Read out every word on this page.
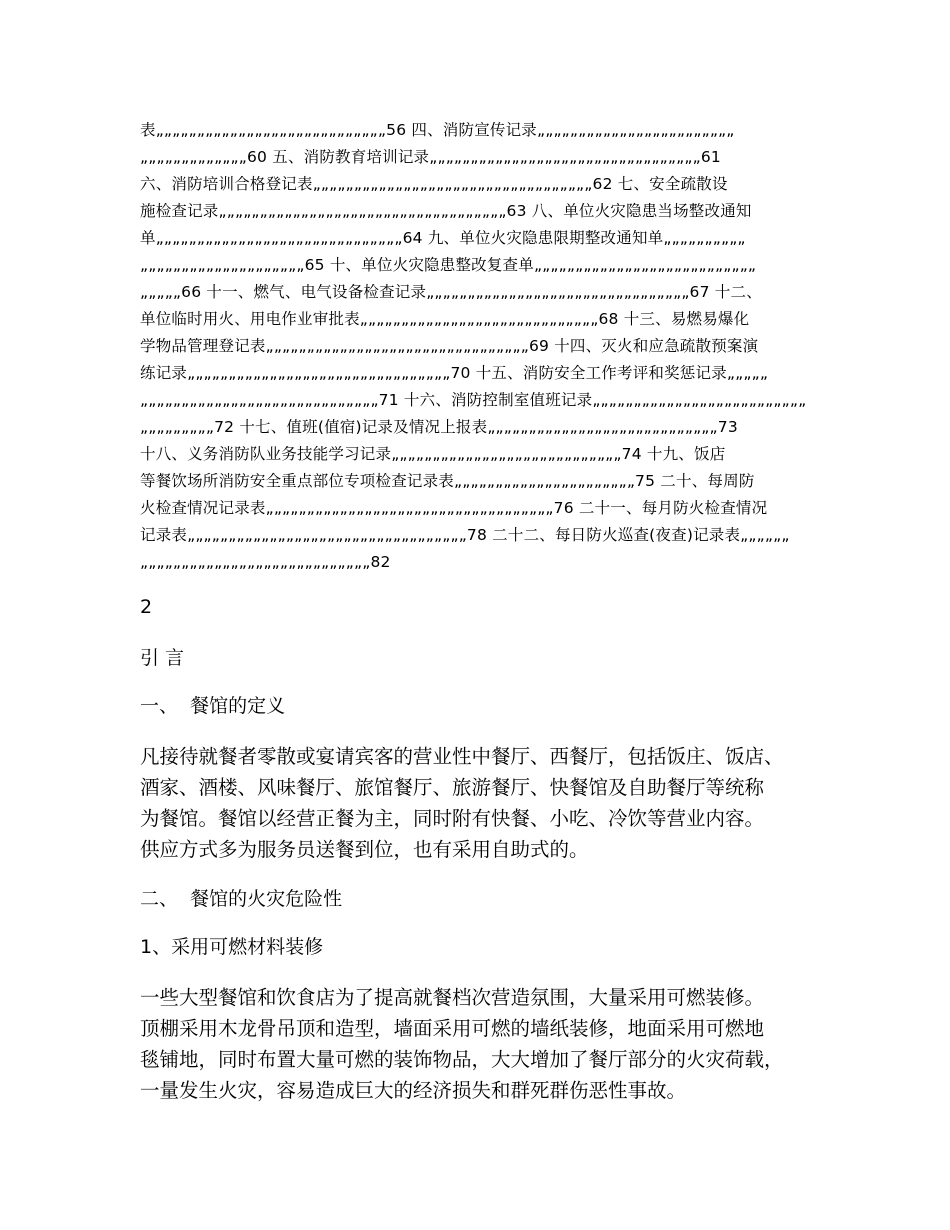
表„„„„„„„„„„„„„„„„„„„„„„„„„„„„56 四、消防宣传记录„„„„„„„„„„„„„„„„„„„„„„„„
„„„„„„„„„„„„„60 五、消防教育培训记录„„„„„„„„„„„„„„„„„„„„„„„„„„„„„„„„„61
六、消防培训合格登记表„„„„„„„„„„„„„„„„„„„„„„„„„„„„„„„„„„62 七、安全疏散设
施检查记录„„„„„„„„„„„„„„„„„„„„„„„„„„„„„„„„„„„63 八、单位火灾隐患当场整改通知
单„„„„„„„„„„„„„„„„„„„„„„„„„„„„„„64 九、单位火灾隐患限期整改通知单„„„„„„„„„„
„„„„„„„„„„„„„„„„„„„„65 十、单位火灾隐患整改复查单„„„„„„„„„„„„„„„„„„„„„„„„„„„
„„„„„66 十一、燃气、电气设备检查记录„„„„„„„„„„„„„„„„„„„„„„„„„„„„„„„„67 十二、
单位临时用火、用电作业审批表„„„„„„„„„„„„„„„„„„„„„„„„„„„„„68 十三、易燃易爆化
学物品管理登记表„„„„„„„„„„„„„„„„„„„„„„„„„„„„„„„„69 十四、灭火和应急疏散预案演
练记录„„„„„„„„„„„„„„„„„„„„„„„„„„„„„„„„70 十五、消防安全工作考评和奖惩记录„„„„„
„„„„„„„„„„„„„„„„„„„„„„„„„„„„„71 十六、消防控制室值班记录„„„„„„„„„„„„„„„„„„„„„„„„„„
„„„„„„„„„72 十七、值班(值宿)记录及情况上报表„„„„„„„„„„„„„„„„„„„„„„„„„„„„73
十八、义务消防队业务技能学习记录„„„„„„„„„„„„„„„„„„„„„„„„„„„„74 十九、饭店
等餐饮场所消防安全重点部位专项检查记录表„„„„„„„„„„„„„„„„„„„„„„75 二十、每周防
火检查情况记录表„„„„„„„„„„„„„„„„„„„„„„„„„„„„„„„„„„„76 二十一、每月防火检查情况
记录表„„„„„„„„„„„„„„„„„„„„„„„„„„„„„„„„„„78 二十二、每日防火巡查(夜查)记录表„„„„„„
„„„„„„„„„„„„„„„„„„„„„„„„„„„„82
2
引 言
一、  餐馆的定义
凡接待就餐者零散或宴请宾客的营业性中餐厅、西餐厅，包括饭庄、饭店、
酒家、酒楼、风味餐厅、旅馆餐厅、旅游餐厅、快餐馆及自助餐厅等统称
为餐馆。餐馆以经营正餐为主，同时附有快餐、小吃、冷饮等营业内容。
供应方式多为服务员送餐到位，也有采用自助式的。
二、  餐馆的火灾危险性
1、采用可燃材料装修
一些大型餐馆和饮食店为了提高就餐档次营造氛围，大量采用可燃装修。
顶棚采用木龙骨吊顶和造型，墙面采用可燃的墙纸装修，地面采用可燃地
毯铺地，同时布置大量可燃的装饰物品，大大增加了餐厅部分的火灾荷载，
一量发生火灾，容易造成巨大的经济损失和群死群伤恶性事故。
